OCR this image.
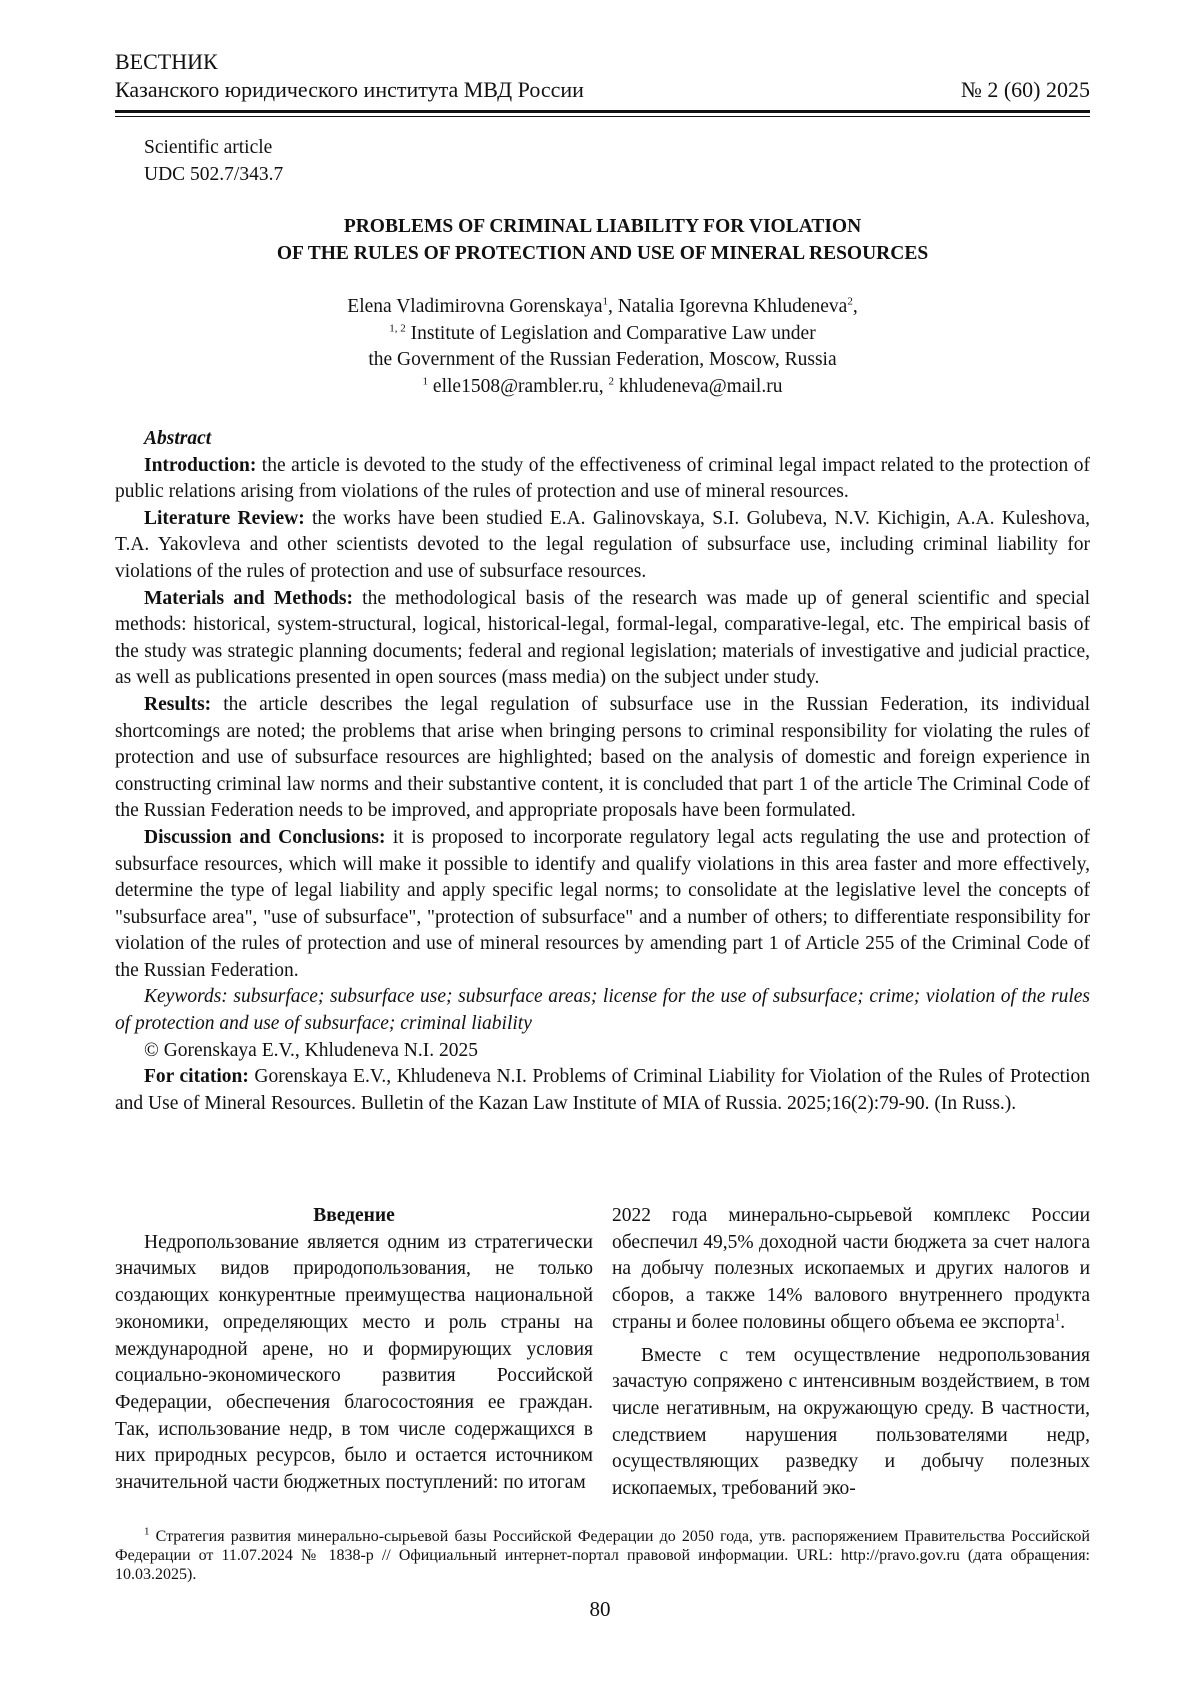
ВЕСТНИК
Казанского юридического института МВД России	№ 2 (60) 2025
Scientific article
UDC 502.7/343.7
PROBLEMS OF CRIMINAL LIABILITY FOR VIOLATION
OF THE RULES OF PROTECTION AND USE OF MINERAL RESOURCES
Elena Vladimirovna Gorenskaya1, Natalia Igorevna Khludeneva2,
1, 2 Institute of Legislation and Comparative Law under
the Government of the Russian Federation, Moscow, Russia
1 elle1508@rambler.ru, 2 khludeneva@mail.ru

Abstract

Introduction: the article is devoted to the study of the effectiveness of criminal legal impact related to the protection of public relations arising from violations of the rules of protection and use of mineral resources.

Literature Review: the works have been studied E.A. Galinovskaya, S.I. Golubeva, N.V. Kichigin, A.A. Kuleshova, T.A. Yakovleva and other scientists devoted to the legal regulation of subsurface use, including criminal liability for violations of the rules of protection and use of subsurface resources.

Materials and Methods: the methodological basis of the research was made up of general scientific and special methods: historical, system-structural, logical, historical-legal, formal-legal, comparative-legal, etc. The empirical basis of the study was strategic planning documents; federal and regional legislation; materials of investigative and judicial practice, as well as publications presented in open sources (mass media) on the subject under study.

Results: the article describes the legal regulation of subsurface use in the Russian Federation, its individual shortcomings are noted; the problems that arise when bringing persons to criminal responsibility for violating the rules of protection and use of subsurface resources are highlighted; based on the analysis of domestic and foreign experience in constructing criminal law norms and their substantive content, it is concluded that part 1 of the article The Criminal Code of the Russian Federation needs to be improved, and appropriate proposals have been formulated.

Discussion and Conclusions: it is proposed to incorporate regulatory legal acts regulating the use and protection of subsurface resources, which will make it possible to identify and qualify violations in this area faster and more effectively, determine the type of legal liability and apply specific legal norms; to consolidate at the legislative level the concepts of "subsurface area", "use of subsurface", "protection of subsurface" and a number of others; to differentiate responsibility for violation of the rules of protection and use of mineral resources by amending part 1 of Article 255 of the Criminal Code of the Russian Federation.

Keywords: subsurface; subsurface use; subsurface areas; license for the use of subsurface; crime; violation of the rules of protection and use of subsurface; criminal liability

© Gorenskaya E.V., Khludeneva N.I. 2025

For citation: Gorenskaya E.V., Khludeneva N.I. Problems of Criminal Liability for Violation of the Rules of Protection and Use of Mineral Resources. Bulletin of the Kazan Law Institute of MIA of Russia. 2025;16(2):79-90. (In Russ.).

Введение

Недропользование является одним из стратегически значимых видов природопользования, не только создающих конкурентные преимущества национальной экономики, определяющих место и роль страны на международной арене, но и формирующих условия социально-экономического развития Российской Федерации, обеспечения благосостояния ее граждан. Так, использование недр, в том числе содержащихся в них природных ресурсов, было и остается источником значительной части бюджетных поступлений: по итогам

2022 года минерально-сырьевой комплекс России обеспечил 49,5% доходной части бюджета за счет налога на добычу полезных ископаемых и других налогов и сборов, а также 14% валового внутреннего продукта страны и более половины общего объема ее экспорта1.

Вместе с тем осуществление недропользования зачастую сопряжено с интенсивным воздействием, в том числе негативным, на окружающую среду. В частности, следствием нарушения пользователями недр, осуществляющих разведку и добычу полезных ископаемых, требований эко-

1 Стратегия развития минерально-сырьевой базы Российской Федерации до 2050 года, утв. распоряжением Правительства Российской Федерации от 11.07.2024 № 1838-р // Официальный интернет-портал правовой информации. URL: http://pravo.gov.ru (дата обращения: 10.03.2025).

80
